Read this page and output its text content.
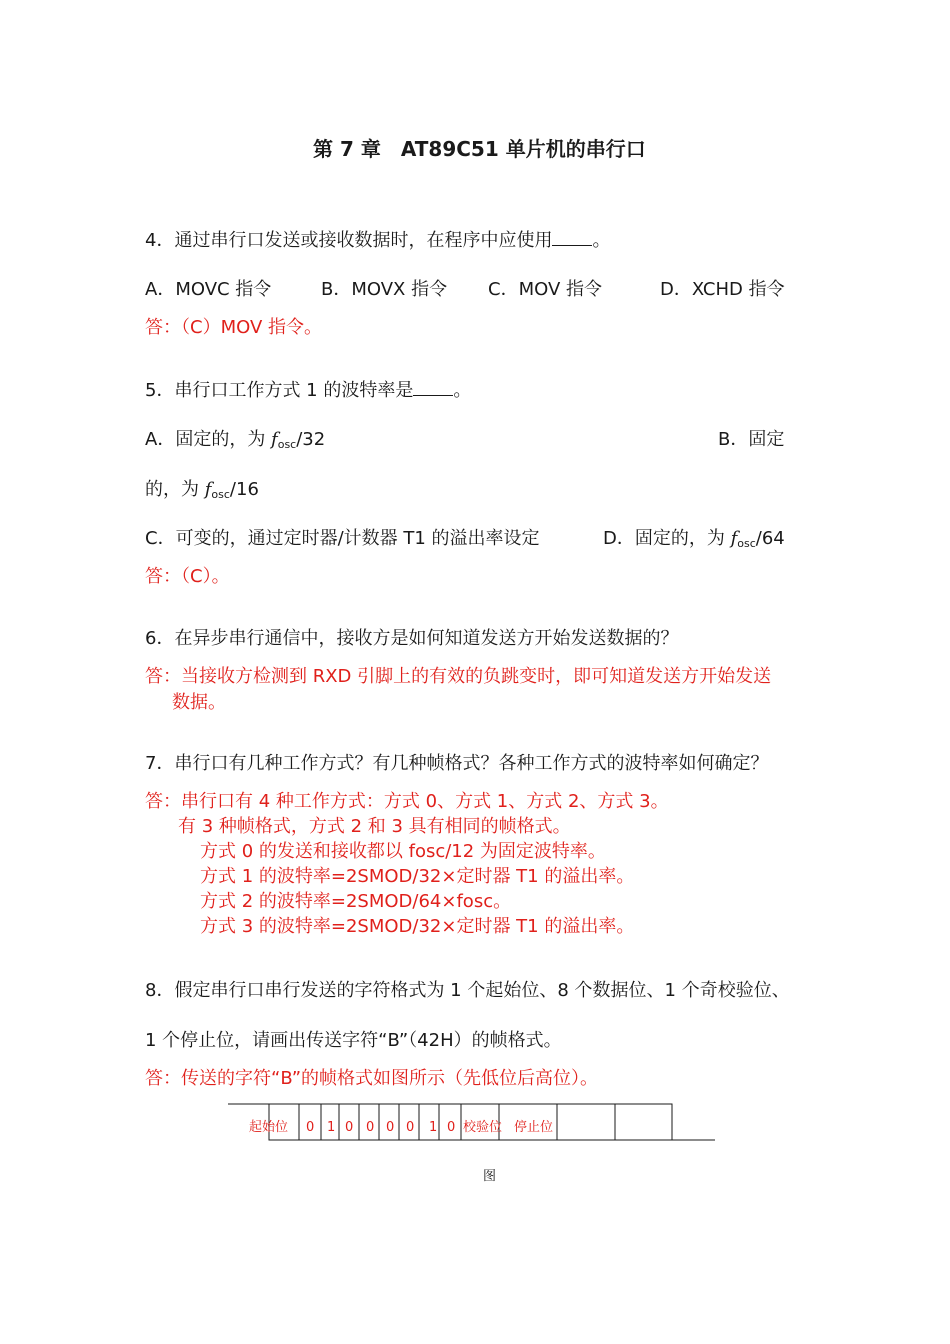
第 7 章　AT89C51 单片机的串行口
4．通过串行口发送或接收数据时，在程序中应使用 。
A．MOVC 指令	B．MOVX 指令 C．MOV 指令	D．XCHD 指令
答：（C）MOV 指令。
5．串行口工作方式 1 的波特率是 。
A．固定的，为 fosc/32	B．固定
的，为 fosc/16
C．可变的，通过定时器/计数器 T1 的溢出率设定	D．固定的，为 fosc/64
答：（C）。
6．在异步串行通信中，接收方是如何知道发送方开始发送数据的？
答：当接收方检测到 RXD 引脚上的有效的负跳变时，即可知道发送方开始发送
数据。
7．串行口有几种工作方式？有几种帧格式？各种工作方式的波特率如何确定？
答：串行口有 4 种工作方式：方式 0、方式 1、方式 2、方式 3。
有 3 种帧格式，方式 2 和 3 具有相同的帧格式。
方式 0 的发送和接收都以 fosc/12 为固定波特率。
方式 1 的波特率=2SMOD/32×定时器 T1 的溢出率。
方式 2 的波特率=2SMOD/64×fosc。
方式 3 的波特率=2SMOD/32×定时器 T1 的溢出率。
8．假定串行口串行发送的字符格式为 1 个起始位、8 个数据位、1 个奇校验位、
1 个停止位，请画出传送字符“B”（42H）的帧格式。
答：传送的字符“B”的帧格式如图所示（先低位后高位）。
起始位 0 1 0 0 0 0 1 0 校验位 停止位
图
